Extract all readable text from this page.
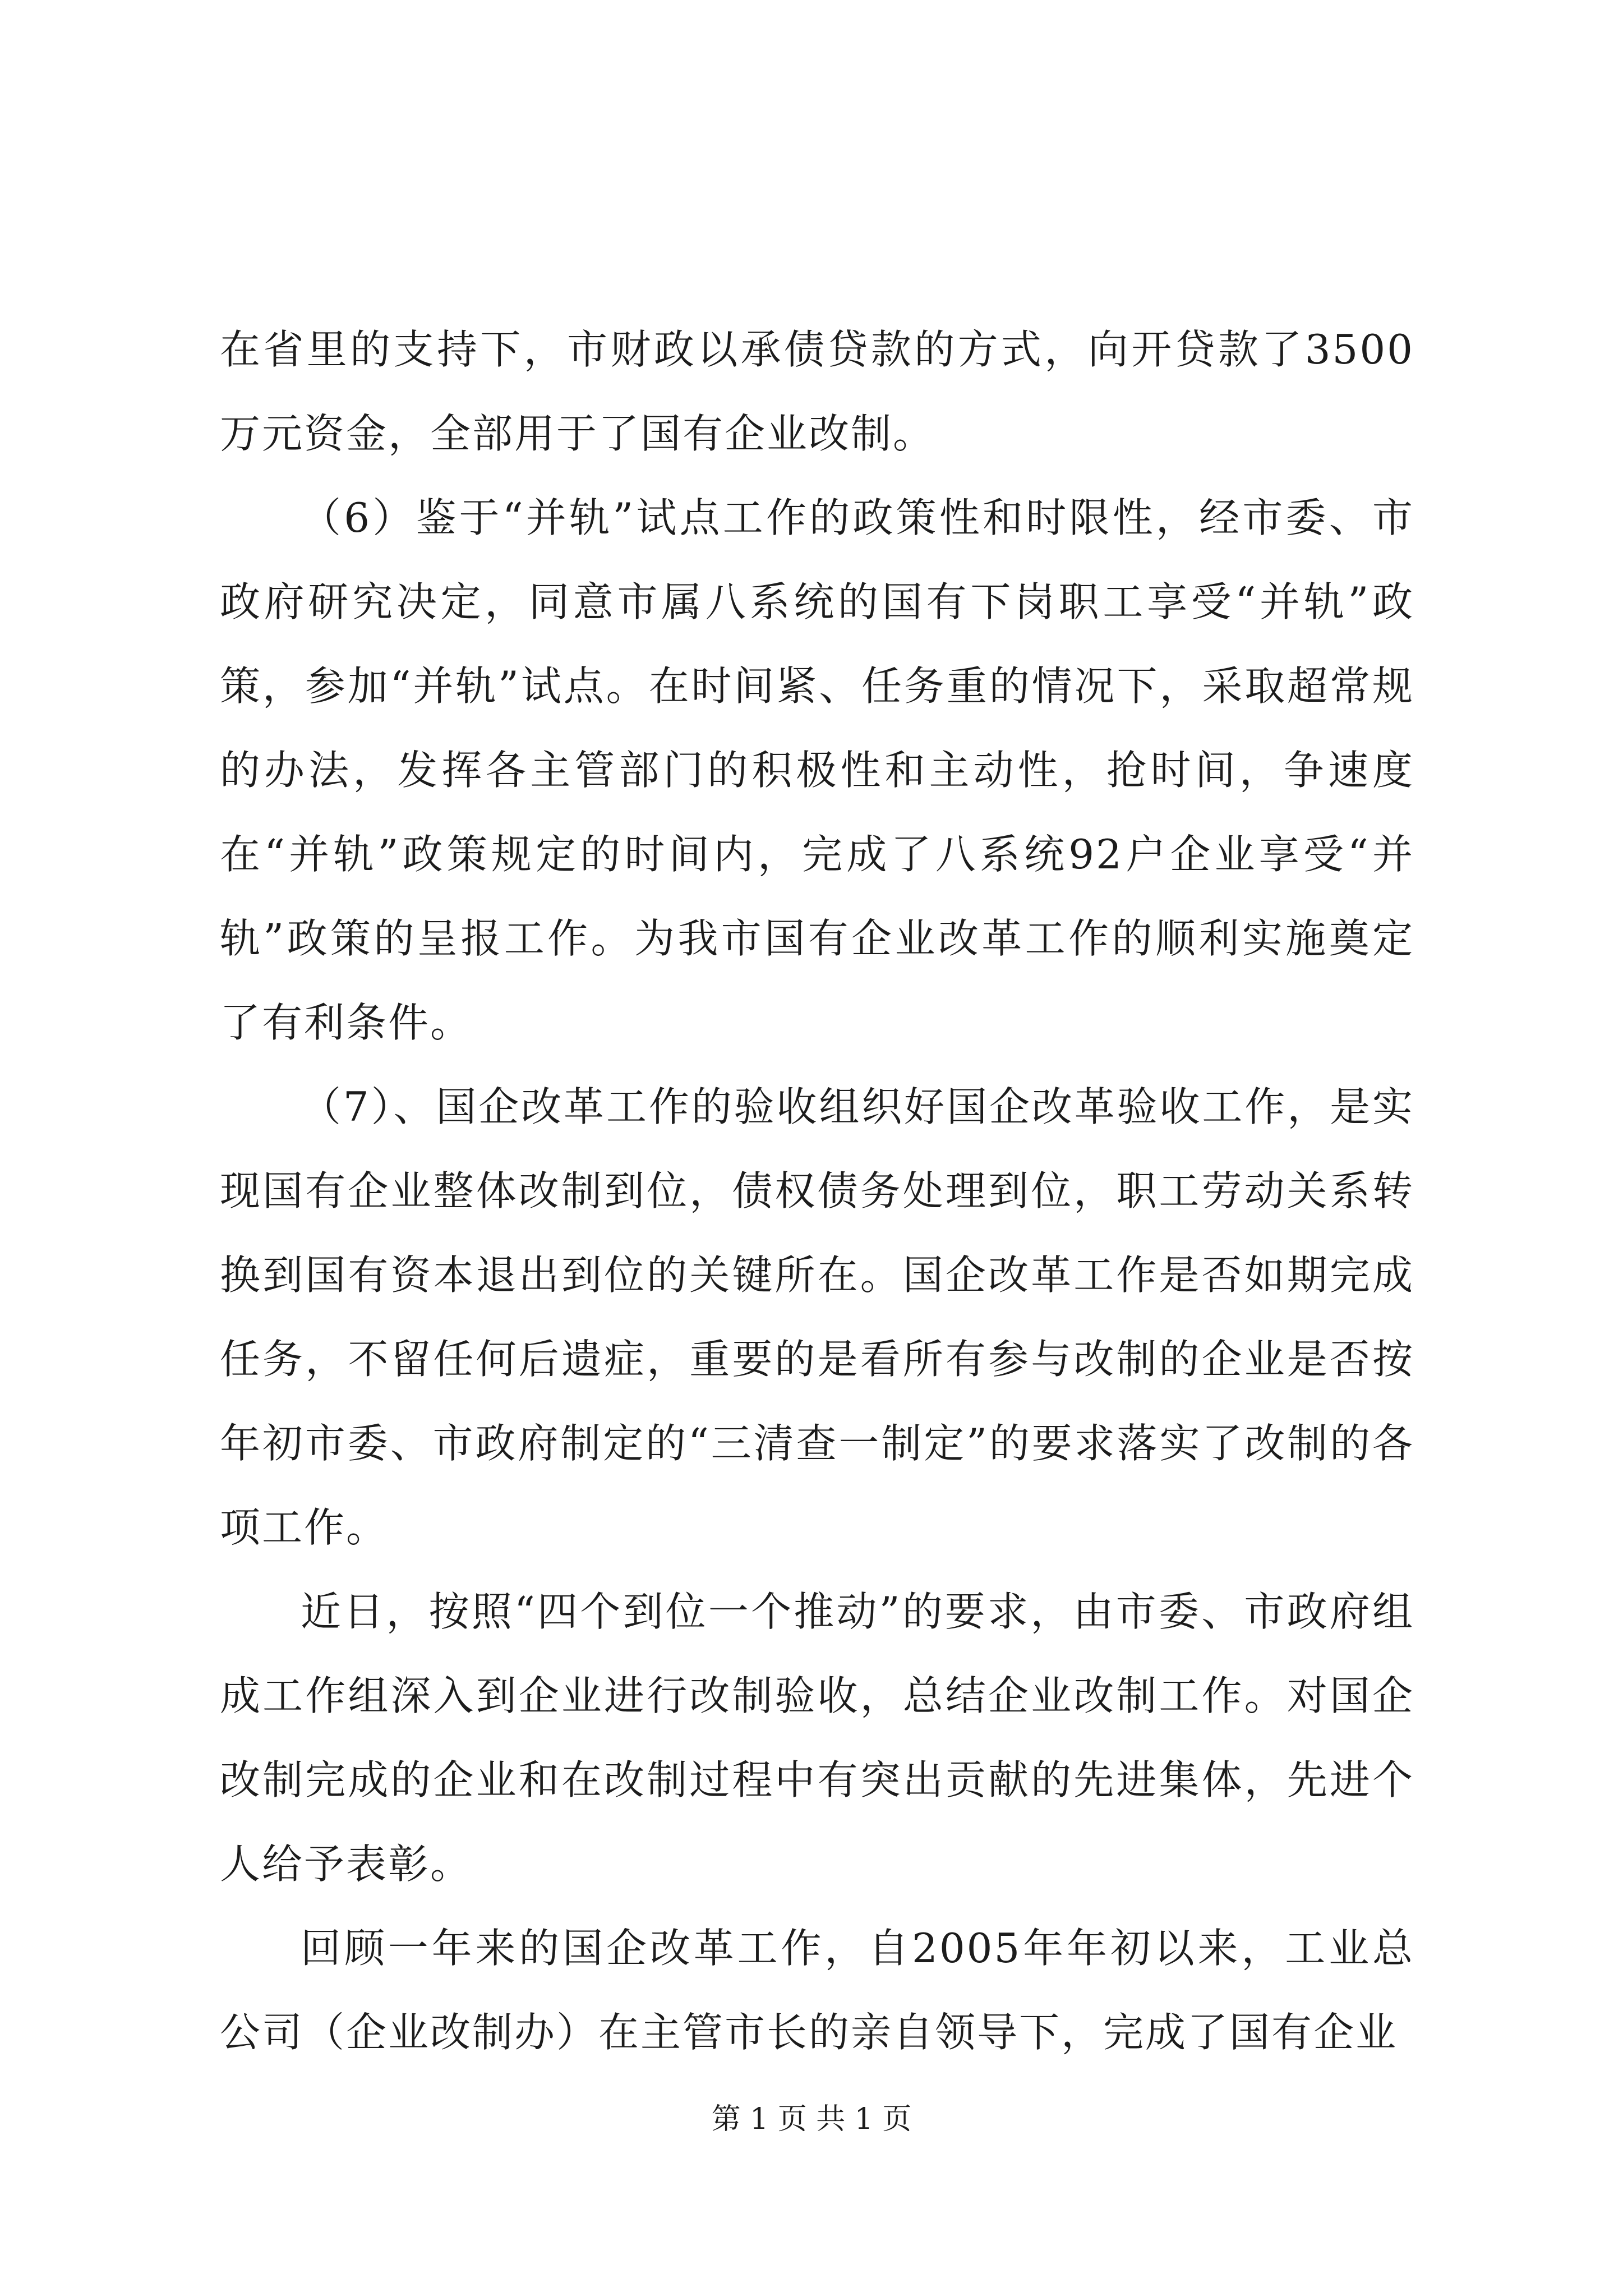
在省里的支持下，市财政以承债贷款的方式，向开贷款了3500万元资金，全部用于了国有企业改制。

（6）鉴于“并轨”试点工作的政策性和时限性，经市委、市政府研究决定，同意市属八系统的国有下岗职工享受“并轨”政策，参加“并轨”试点。在时间紧、任务重的情况下，采取超常规的办法，发挥各主管部门的积极性和主动性，抢时间，争速度在“并轨”政策规定的时间内，完成了八系统92户企业享受“并轨”政策的呈报工作。为我市国有企业改革工作的顺利实施奠定了有利条件。

（7）、国企改革工作的验收组织好国企改革验收工作，是实现国有企业整体改制到位，债权债务处理到位，职工劳动关系转换到国有资本退出到位的关键所在。国企改革工作是否如期完成任务，不留任何后遗症，重要的是看所有参与改制的企业是否按年初市委、市政府制定的“三清查一制定”的要求落实了改制的各项工作。

近日，按照“四个到位一个推动”的要求，由市委、市政府组成工作组深入到企业进行改制验收，总结企业改制工作。对国企改制完成的企业和在改制过程中有突出贡献的先进集体，先进个人给予表彰。

回顾一年来的国企改革工作，自2005年年初以来，工业总公司（企业改制办）在主管市长的亲自领导下，完成了国有企业

第 1 页 共 1 页
